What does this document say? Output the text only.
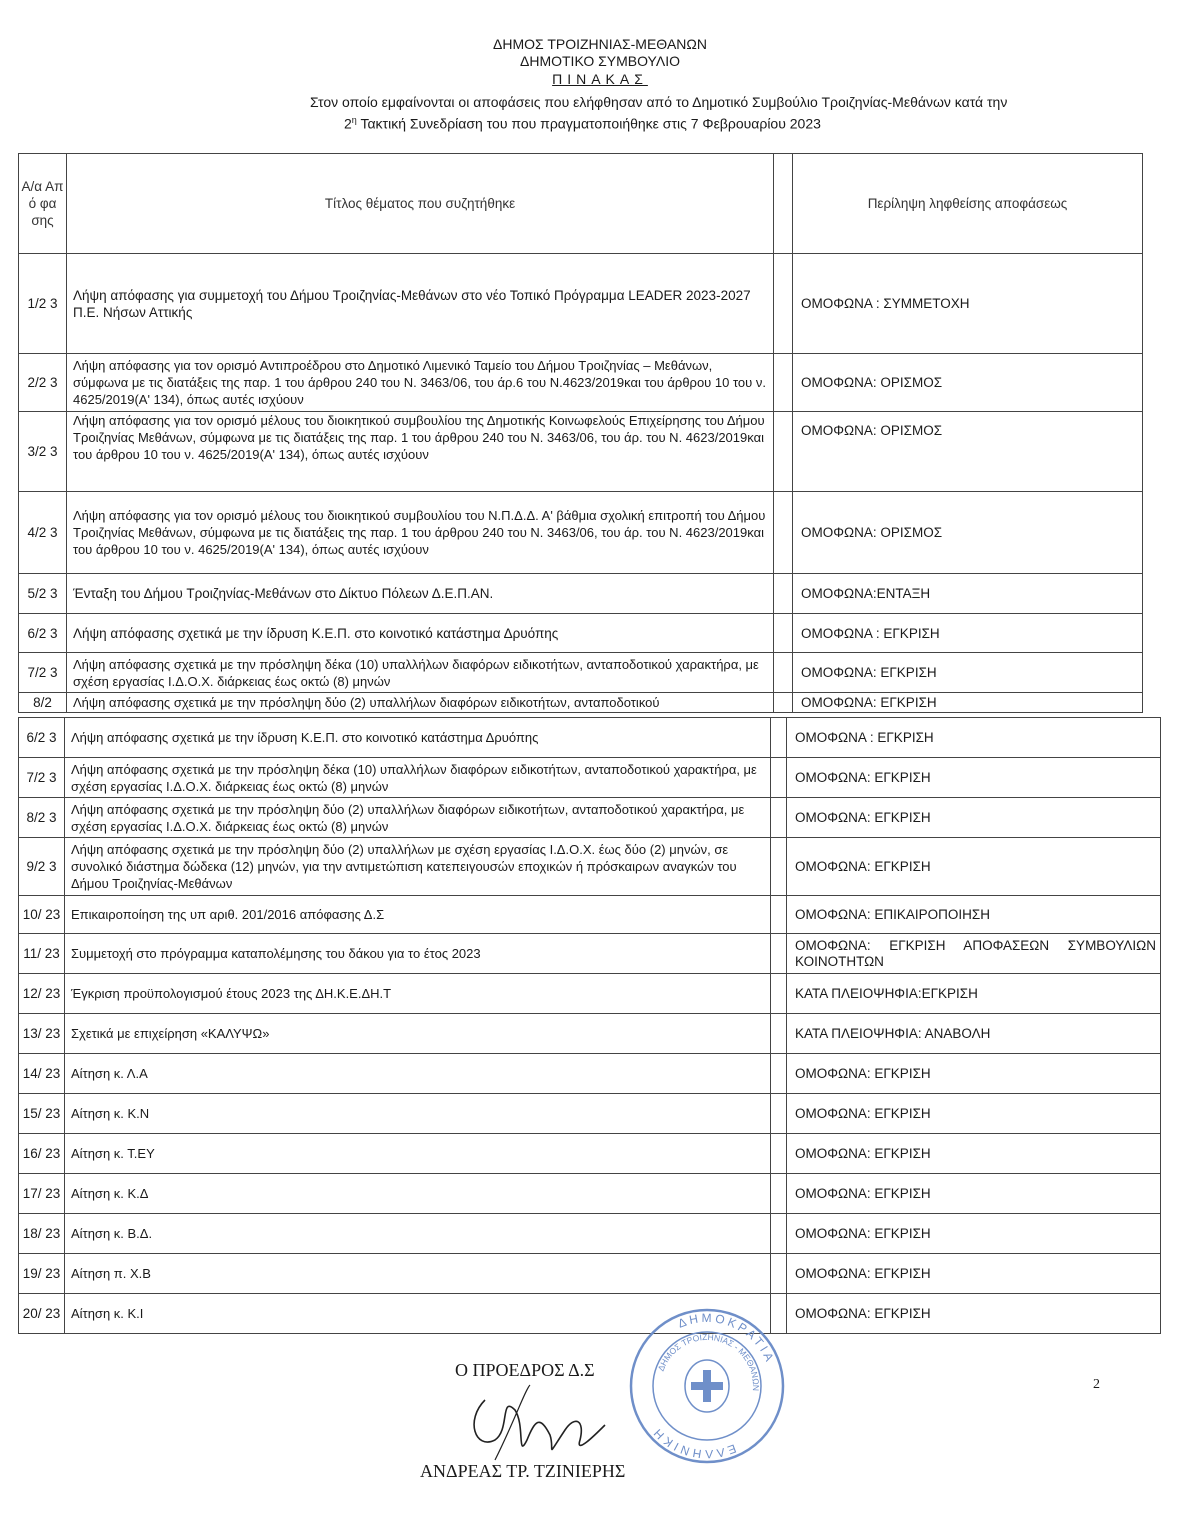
ΔΗΜΟΣ ΤΡΟΙΖΗΝΙΑΣ-ΜΕΘΑΝΩΝ
ΔΗΜΟΤΙΚΟ ΣΥΜΒΟΥΛΙΟ
ΠΙΝΑΚΑΣ
Στον οποίο εμφαίνονται οι αποφάσεις που ελήφθησαν από το Δημοτικό Συμβούλιο Τροιζηνίας-Μεθάνων κατά την
$2^\eta$ Τακτική Συνεδρίαση του που πραγματοποιήθηκε στις 7 Φεβρουαρίου 2023
Α/α Απ ό φα σης	Τίτλος θέματος που συζητήθηκε		Περίληψη ληφθείσης αποφάσεως
1/2 3	Λήψη απόφασης για συμμετοχή του Δήμου Τροιζηνίας-Μεθάνων στο νέο Τοπικό Πρόγραμμα LEADER 2023-2027 Π.Ε. Νήσων Αττικής		ΟΜΟΦΩΝΑ : ΣΥΜΜΕΤΟΧΗ
2/2 3	Λήψη απόφασης για τον ορισμό Αντιπροέδρου στο Δημοτικό Λιμενικό Ταμείο του Δήμου Τροιζηνίας – Μεθάνων, σύμφωνα με τις διατάξεις της παρ. 1 του άρθρου 240 του Ν. 3463/06, του άρ.6 του Ν.4623/2019και του άρθρου 10 του ν. 4625/2019(Α' 134), όπως αυτές ισχύουν		ΟΜΟΦΩΝΑ: ΟΡΙΣΜΟΣ
3/2 3	Λήψη απόφασης για τον ορισμό μέλους του διοικητικού συμβουλίου της Δημοτικής Κοινωφελούς Επιχείρησης του Δήμου Τροιζηνίας Μεθάνων, σύμφωνα με τις διατάξεις της παρ. 1 του άρθρου 240 του Ν. 3463/06, του άρ. του Ν. 4623/2019και του άρθρου 10 του ν. 4625/2019(Α' 134), όπως αυτές ισχύουν		ΟΜΟΦΩΝΑ: ΟΡΙΣΜΟΣ
4/2 3	Λήψη απόφασης για τον ορισμό μέλους του διοικητικού συμβουλίου του Ν.Π.Δ.Δ. Α' βάθμια σχολική επιτροπή του Δήμου Τροιζηνίας Μεθάνων, σύμφωνα με τις διατάξεις της παρ. 1 του άρθρου 240 του Ν. 3463/06, του άρ. του Ν. 4623/2019και του άρθρου 10 του ν. 4625/2019(Α' 134), όπως αυτές ισχύουν		ΟΜΟΦΩΝΑ: ΟΡΙΣΜΟΣ
5/2 3	Ένταξη του Δήμου Τροιζηνίας-Μεθάνων στο Δίκτυο Πόλεων Δ.Ε.Π.ΑΝ.		ΟΜΟΦΩΝΑ:ΕΝΤΑΞΗ
6/2 3	Λήψη απόφασης σχετικά με την ίδρυση Κ.Ε.Π. στο κοινοτικό κατάστημα Δρυόπης		ΟΜΟΦΩΝΑ : ΕΓΚΡΙΣΗ
7/2 3	Λήψη απόφασης σχετικά με την πρόσληψη δέκα (10) υπαλλήλων διαφόρων ειδικοτήτων, ανταποδοτικού χαρακτήρα, με σχέση εργασίας Ι.Δ.Ο.Χ. διάρκειας έως οκτώ (8) μηνών		ΟΜΟΦΩΝΑ: ΕΓΚΡΙΣΗ
8/2	Λήψη απόφασης σχετικά με την πρόσληψη δύο (2) υπαλλήλων διαφόρων ειδικοτήτων, ανταποδοτικού		ΟΜΟΦΩΝΑ: ΕΓΚΡΙΣΗ
6/2 3	Λήψη απόφασης σχετικά με την ίδρυση Κ.Ε.Π. στο κοινοτικό κατάστημα Δρυόπης		ΟΜΟΦΩΝΑ : ΕΓΚΡΙΣΗ
7/2 3	Λήψη απόφασης σχετικά με την πρόσληψη δέκα (10) υπαλλήλων διαφόρων ειδικοτήτων, ανταποδοτικού χαρακτήρα, με σχέση εργασίας Ι.Δ.Ο.Χ. διάρκειας έως οκτώ (8) μηνών		ΟΜΟΦΩΝΑ: ΕΓΚΡΙΣΗ
8/2 3	Λήψη απόφασης σχετικά με την πρόσληψη δύο (2) υπαλλήλων διαφόρων ειδικοτήτων, ανταποδοτικού χαρακτήρα, με σχέση εργασίας Ι.Δ.Ο.Χ. διάρκειας έως οκτώ (8) μηνών		ΟΜΟΦΩΝΑ: ΕΓΚΡΙΣΗ
9/2 3	Λήψη απόφασης σχετικά με την πρόσληψη δύο (2) υπαλλήλων με σχέση εργασίας Ι.Δ.Ο.Χ. έως δύο (2) μηνών, σε συνολικό διάστημα δώδεκα (12) μηνών, για την αντιμετώπιση κατεπειγουσών εποχικών ή πρόσκαιρων αναγκών του Δήμου Τροιζηνίας-Μεθάνων		ΟΜΟΦΩΝΑ: ΕΓΚΡΙΣΗ
10/ 23	Επικαιροποίηση της υπ αριθ. 201/2016 απόφασης Δ.Σ		ΟΜΟΦΩΝΑ: ΕΠΙΚΑΙΡΟΠΟΙΗΣΗ
11/ 23	Συμμετοχή στο πρόγραμμα καταπολέμησης του δάκου για το έτος 2023		ΟΜΟΦΩΝΑ: ΕΓΚΡΙΣΗ ΑΠΟΦΑΣΕΩΝ ΣΥΜΒΟΥΛΙΩΝ ΚΟΙΝΟΤΗΤΩΝ
12/ 23	Έγκριση προϋπολογισμού έτους 2023 της ΔΗ.Κ.Ε.ΔΗ.Τ		ΚΑΤΑ ΠΛΕΙΟΨΗΦΙΑ:ΕΓΚΡΙΣΗ
13/ 23	Σχετικά με επιχείρηση «ΚΑΛΥΨΩ»		ΚΑΤΑ ΠΛΕΙΟΨΗΦΙΑ: ΑΝΑΒΟΛΗ
14/ 23	Αίτηση κ. Λ.Α		ΟΜΟΦΩΝΑ: ΕΓΚΡΙΣΗ
15/ 23	Αίτηση κ. Κ.Ν		ΟΜΟΦΩΝΑ: ΕΓΚΡΙΣΗ
16/ 23	Αίτηση κ. Τ.ΕΥ		ΟΜΟΦΩΝΑ: ΕΓΚΡΙΣΗ
17/ 23	Αίτηση κ. Κ.Δ		ΟΜΟΦΩΝΑ: ΕΓΚΡΙΣΗ
18/ 23	Αίτηση κ. Β.Δ.		ΟΜΟΦΩΝΑ: ΕΓΚΡΙΣΗ
19/ 23	Αίτηση π. Χ.Β		ΟΜΟΦΩΝΑ: ΕΓΚΡΙΣΗ
20/ 23	Αίτηση κ. Κ.Ι		ΟΜΟΦΩΝΑ: ΕΓΚΡΙΣΗ
Ο ΠΡΟΕΔΡΟΣ Δ.Σ
ΑΝΔΡΕΑΣ ΤΡ. ΤΖΙΝΙΕΡΗΣ
ΔΗΜΟΚΡΑΤΙΑ
ΕΛΛΗΝΙΚΗ
ΔΗΜΟΣ ΤΡΟΙΖΗΝΙΑΣ - ΜΕΘΑΝΩΝ	2
